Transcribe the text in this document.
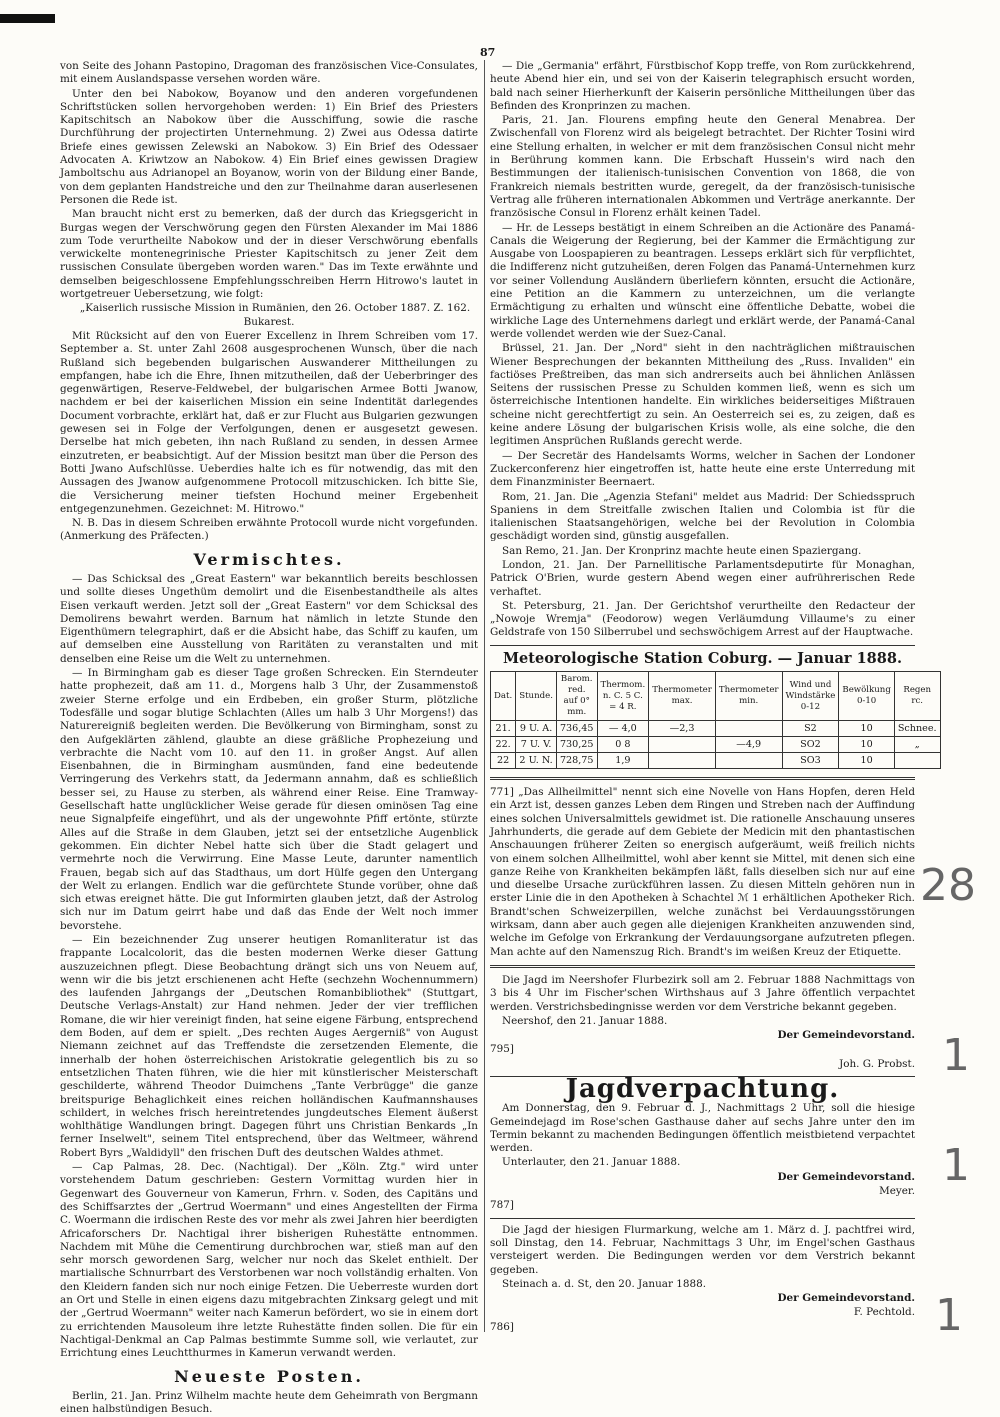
87

von Seite des Johann Pastopino, Dragoman des französischen Vice-Consulates, mit einem Auslandspasse versehen worden wäre.

Unter den bei Nabokow, Boyanow und den anderen vorgefundenen Schriftstücken sollen hervorgehoben werden: 1) Ein Brief des Priesters Kapitschitsch an Nabokow über die Ausschiffung, sowie die rasche Durchführung der projectirten Unternehmung. 2) Zwei aus Odessa datirte Briefe eines gewissen Zelewski an Nabokow. 3) Ein Brief des Odessaer Advocaten A. Kriwtzow an Nabokow. 4) Ein Brief eines gewissen Dragiew Jamboltschu aus Adrianopel an Boyanow, worin von der Bildung einer Bande, von dem geplanten Handstreiche und den zur Theilnahme daran auserlesenen Personen die Rede ist.

Man braucht nicht erst zu bemerken, daß der durch das Kriegsgericht in Burgas wegen der Verschwörung gegen den Fürsten Alexander im Mai 1886 zum Tode verurtheilte Nabokow und der in dieser Verschwörung ebenfalls verwickelte montenegrinische Priester Kapitschitsch zu jener Zeit dem russischen Consulate übergeben worden waren." Das im Texte erwähnte und demselben beigeschlossene Empfehlungsschreiben Herrn Hitrowo's lautet in wortgetreuer Uebersetzung, wie folgt:

„Kaiserlich russische Mission in Rumänien, den 26. October 1887. Z. 162. Bukarest.

Mit Rücksicht auf den von Euerer Excellenz in Ihrem Schreiben vom 17. September a. St. unter Zahl 2608 ausgesprochenen Wunsch, über die nach Rußland sich begebenden bulgarischen Auswanderer Mittheilungen zu empfangen, habe ich die Ehre, Ihnen mitzutheilen, daß der Ueberbringer des gegenwärtigen, Reserve-Feldwebel, der bulgarischen Armee Botti Jwanow, nachdem er bei der kaiserlichen Mission ein seine Indentität darlegendes Document vorbrachte, erklärt hat, daß er zur Flucht aus Bulgarien gezwungen gewesen sei in Folge der Verfolgungen, denen er ausgesetzt gewesen. Derselbe hat mich gebeten, ihn nach Rußland zu senden, in dessen Armee einzutreten, er beabsichtigt. Auf der Mission besitzt man über die Person des Botti Jwano Aufschlüsse. Ueberdies halte ich es für notwendig, das mit den Aussagen des Jwanow aufgenommene Protocoll mitzuschicken. Ich bitte Sie, die Versicherung meiner tiefsten Hochund meiner Ergebenheit entgegenzunehmen. Gezeichnet: M. Hitrowo."

N. B. Das in diesem Schreiben erwähnte Protocoll wurde nicht vorgefunden. (Anmerkung des Präfecten.)

Vermischtes.

— Das Schicksal des „Great Eastern" war bekanntlich bereits beschlossen und sollte dieses Ungethüm demolirt und die Eisenbestandtheile als altes Eisen verkauft werden. Jetzt soll der „Great Eastern" vor dem Schicksal des Demolirens bewahrt werden. Barnum hat nämlich in letzte Stunde den Eigenthümern telegraphirt, daß er die Absicht habe, das Schiff zu kaufen, um auf demselben eine Ausstellung von Raritäten zu veranstalten und mit denselben eine Reise um die Welt zu unternehmen.

— In Birmingham gab es dieser Tage großen Schrecken. Ein Sterndeuter hatte prophezeit, daß am 11. d., Morgens halb 3 Uhr, der Zusammenstoß zweier Sterne erfolge und ein Erdbeben, ein großer Sturm, plötzliche Todesfälle und sogar blutige Schlachten (Alles um halb 3 Uhr Morgens!) das Naturereigniß begleiten werden. Die Bevölkerung von Birmingham, sonst zu den Aufgeklärten zählend, glaubte an diese gräßliche Prophezeiung und verbrachte die Nacht vom 10. auf den 11. in großer Angst. Auf allen Eisenbahnen, die in Birmingham ausmünden, fand eine bedeutende Verringerung des Verkehrs statt, da Jedermann annahm, daß es schließlich besser sei, zu Hause zu sterben, als während einer Reise. Eine Tramway-Gesellschaft hatte unglücklicher Weise gerade für diesen ominösen Tag eine neue Signalpfeife eingeführt, und als der ungewohnte Pfiff ertönte, stürzte Alles auf die Straße in dem Glauben, jetzt sei der entsetzliche Augenblick gekommen. Ein dichter Nebel hatte sich über die Stadt gelagert und vermehrte noch die Verwirrung. Eine Masse Leute, darunter namentlich Frauen, begab sich auf das Stadthaus, um dort Hülfe gegen den Untergang der Welt zu erlangen. Endlich war die gefürchtete Stunde vorüber, ohne daß sich etwas ereignet hätte. Die gut Informirten glauben jetzt, daß der Astrolog sich nur im Datum geirrt habe und daß das Ende der Welt noch immer bevorstehe.

— Ein bezeichnender Zug unserer heutigen Romanliteratur ist das frappante Localcolorit, das die besten modernen Werke dieser Gattung auszuzeichnen pflegt. Diese Beobachtung drängt sich uns von Neuem auf, wenn wir die bis jetzt erschienenen acht Hefte (sechzehn Wochennummern) des laufenden Jahrgangs der „Deutschen Romanbibliothek" (Stuttgart, Deutsche Verlags-Anstalt) zur Hand nehmen. Jeder der vier trefflichen Romane, die wir hier vereinigt finden, hat seine eigene Färbung, entsprechend dem Boden, auf dem er spielt. „Des rechten Auges Aergerniß" von August Niemann zeichnet auf das Treffendste die zersetzenden Elemente, die innerhalb der hohen österreichischen Aristokratie gelegentlich bis zu so entsetzlichen Thaten führen, wie die hier mit künstlerischer Meisterschaft geschilderte, während Theodor Duimchens „Tante Verbrügge" die ganze breitspurige Behaglichkeit eines reichen holländischen Kaufmannshauses schildert, in welches frisch hereintretendes jungdeutsches Element äußerst wohlthätige Wandlungen bringt. Dagegen führt uns Christian Benkards „In ferner Inselwelt", seinem Titel entsprechend, über das Weltmeer, während Robert Byrs „Waldidyll" den frischen Duft des deutschen Waldes athmet.

— Cap Palmas, 28. Dec. (Nachtigal). Der „Köln. Ztg." wird unter vorstehendem Datum geschrieben: Gestern Vormittag wurden hier in Gegenwart des Gouverneur von Kamerun, Frhrn. v. Soden, des Capitäns und des Schiffsarztes der „Gertrud Woermann" und eines Angestellten der Firma C. Woermann die irdischen Reste des vor mehr als zwei Jahren hier beerdigten Africaforschers Dr. Nachtigal ihrer bisherigen Ruhestätte entnommen. Nachdem mit Mühe die Cementirung durchbrochen war, stieß man auf den sehr morsch gewordenen Sarg, welcher nur noch das Skelet enthielt. Der martialische Schnurrbart des Verstorbenen war noch vollständig erhalten. Von den Kleidern fanden sich nur noch einige Fetzen. Die Ueberreste wurden dort an Ort und Stelle in einen eigens dazu mitgebrachten Zinksarg gelegt und mit der „Gertrud Woermann" weiter nach Kamerun befördert, wo sie in einem dort zu errichtenden Mausoleum ihre letzte Ruhestätte finden sollen. Die für ein Nachtigal-Denkmal an Cap Palmas bestimmte Summe soll, wie verlautet, zur Errichtung eines Leuchtthurmes in Kamerun verwandt werden.

Neueste Posten.

Berlin, 21. Jan. Prinz Wilhelm machte heute dem Geheimrath von Bergmann einen halbstündigen Besuch.

— Die „Germania" erfährt, Fürstbischof Kopp treffe, von Rom zurückkehrend, heute Abend hier ein, und sei von der Kaiserin telegraphisch ersucht worden, bald nach seiner Hierherkunft der Kaiserin persönliche Mittheilungen über das Befinden des Kronprinzen zu machen.

Paris, 21. Jan. Flourens empfing heute den General Menabrea. Der Zwischenfall von Florenz wird als beigelegt betrachtet. Der Richter Tosini wird eine Stellung erhalten, in welcher er mit dem französischen Consul nicht mehr in Berührung kommen kann. Die Erbschaft Hussein's wird nach den Bestimmungen der italienisch-tunisischen Convention von 1868, die von Frankreich niemals bestritten wurde, geregelt, da der französisch-tunisische Vertrag alle früheren internationalen Abkommen und Verträge anerkannte. Der französische Consul in Florenz erhält keinen Tadel.

— Hr. de Lesseps bestätigt in einem Schreiben an die Actionäre des Panamá-Canals die Weigerung der Regierung, bei der Kammer die Ermächtigung zur Ausgabe von Loospapieren zu beantragen. Lesseps erklärt sich für verpflichtet, die Indifferenz nicht gutzuheißen, deren Folgen das Panamá-Unternehmen kurz vor seiner Vollendung Ausländern überliefern könnten, ersucht die Actionäre, eine Petition an die Kammern zu unterzeichnen, um die verlangte Ermächtigung zu erhalten und wünscht eine öffentliche Debatte, wobei die wirkliche Lage des Unternehmens darlegt und erklärt werde, der Panamá-Canal werde vollendet werden wie der Suez-Canal.

Brüssel, 21. Jan. Der „Nord" sieht in den nachträglichen mißtrauischen Wiener Besprechungen der bekannten Mittheilung des „Russ. Invaliden" ein factiöses Preßtreiben, das man sich andrerseits auch bei ähnlichen Anlässen Seitens der russischen Presse zu Schulden kommen ließ, wenn es sich um österreichische Intentionen handelte. Ein wirkliches beiderseitiges Mißtrauen scheine nicht gerechtfertigt zu sein. An Oesterreich sei es, zu zeigen, daß es keine andere Lösung der bulgarischen Krisis wolle, als eine solche, die den legitimen Ansprüchen Rußlands gerecht werde.

— Der Secretär des Handelsamts Worms, welcher in Sachen der Londoner Zuckerconferenz hier eingetroffen ist, hatte heute eine erste Unterredung mit dem Finanzminister Beernaert.

Rom, 21. Jan. Die „Agenzia Stefani" meldet aus Madrid: Der Schiedsspruch Spaniens in dem Streitfalle zwischen Italien und Colombia ist für die italienischen Staatsangehörigen, welche bei der Revolution in Colombia geschädigt worden sind, günstig ausgefallen.

San Remo, 21. Jan. Der Kronprinz machte heute einen Spaziergang.

London, 21. Jan. Der Parnellitische Parlamentsdeputirte für Monaghan, Patrick O'Brien, wurde gestern Abend wegen einer aufrührerischen Rede verhaftet.

St. Petersburg, 21. Jan. Der Gerichtshof verurtheilte den Redacteur der „Nowoje Wremja" (Feodorow) wegen Verläumdung Villaume's zu einer Geldstrafe von 150 Silberrubel und sechswöchigem Arrest auf der Hauptwache.

Meteorologische Station Coburg. — Januar 1888.
Dat.	Stunde.	Barom. red. auf 0° mm.	Thermom. n. C. 5 C. = 4 R.	Thermometer max.	Thermometer min.	Wind und Windstärke 0-12	Bewölkung 0-10	Regen rc.
21.	9 U. A.	736,45	— 4,0	—2,3		S2	10	Schnee.
22.	7 U. V.	730,25	0 8		—4,9	SO2	10	„
22	2 U. N.	728,75	1,9			SO3	10	

771] „Das Allheilmittel" nennt sich eine Novelle von Hans Hopfen, deren Held ein Arzt ist, dessen ganzes Leben dem Ringen und Streben nach der Auffindung eines solchen Universalmittels gewidmet ist. Die rationelle Anschauung unseres Jahrhunderts, die gerade auf dem Gebiete der Medicin mit den phantastischen Anschauungen früherer Zeiten so energisch aufgeräumt, weiß freilich nichts von einem solchen Allheilmittel, wohl aber kennt sie Mittel, mit denen sich eine ganze Reihe von Krankheiten bekämpfen läßt, falls dieselben sich nur auf eine und dieselbe Ursache zurückführen lassen. Zu diesen Mitteln gehören nun in erster Linie die in den Apotheken à Schachtel ℳ 1 erhältlichen Apotheker Rich. Brandt'schen Schweizerpillen, welche zunächst bei Verdauungsstörungen wirksam, dann aber auch gegen alle diejenigen Krankheiten anzuwenden sind, welche im Gefolge von Erkrankung der Verdauungsorgane aufzutreten pflegen. Man achte auf den Namenszug Rich. Brandt's im weißen Kreuz der Etiquette.

Die Jagd im Neershofer Flurbezirk soll am 2. Februar 1888 Nachmittags von 3 bis 4 Uhr im Fischer'schen Wirthshaus auf 3 Jahre öffentlich verpachtet werden. Verstrichsbedingnisse werden vor dem Verstriche bekannt gegeben.

Neershof, den 21. Januar 1888.

Der Gemeindevorstand.

795]

Joh. G. Probst.

Jagdverpachtung.

Am Donnerstag, den 9. Februar d. J., Nachmittags 2 Uhr, soll die hiesige Gemeindejagd im Rose'schen Gasthause daher auf sechs Jahre unter den im Termin bekannt zu machenden Bedingungen öffentlich meistbietend verpachtet werden.

Unterlauter, den 21. Januar 1888.

Der Gemeindevorstand.

Meyer.

787]

Die Jagd der hiesigen Flurmarkung, welche am 1. März d. J. pachtfrei wird, soll Dinstag, den 14. Februar, Nachmittags 3 Uhr, im Engel'schen Gasthaus versteigert werden. Die Bedingungen werden vor dem Verstrich bekannt gegeben.

Steinach a. d. St, den 20. Januar 1888.

Der Gemeindevorstand.

F. Pechtold.

786]

28
1
1
1
